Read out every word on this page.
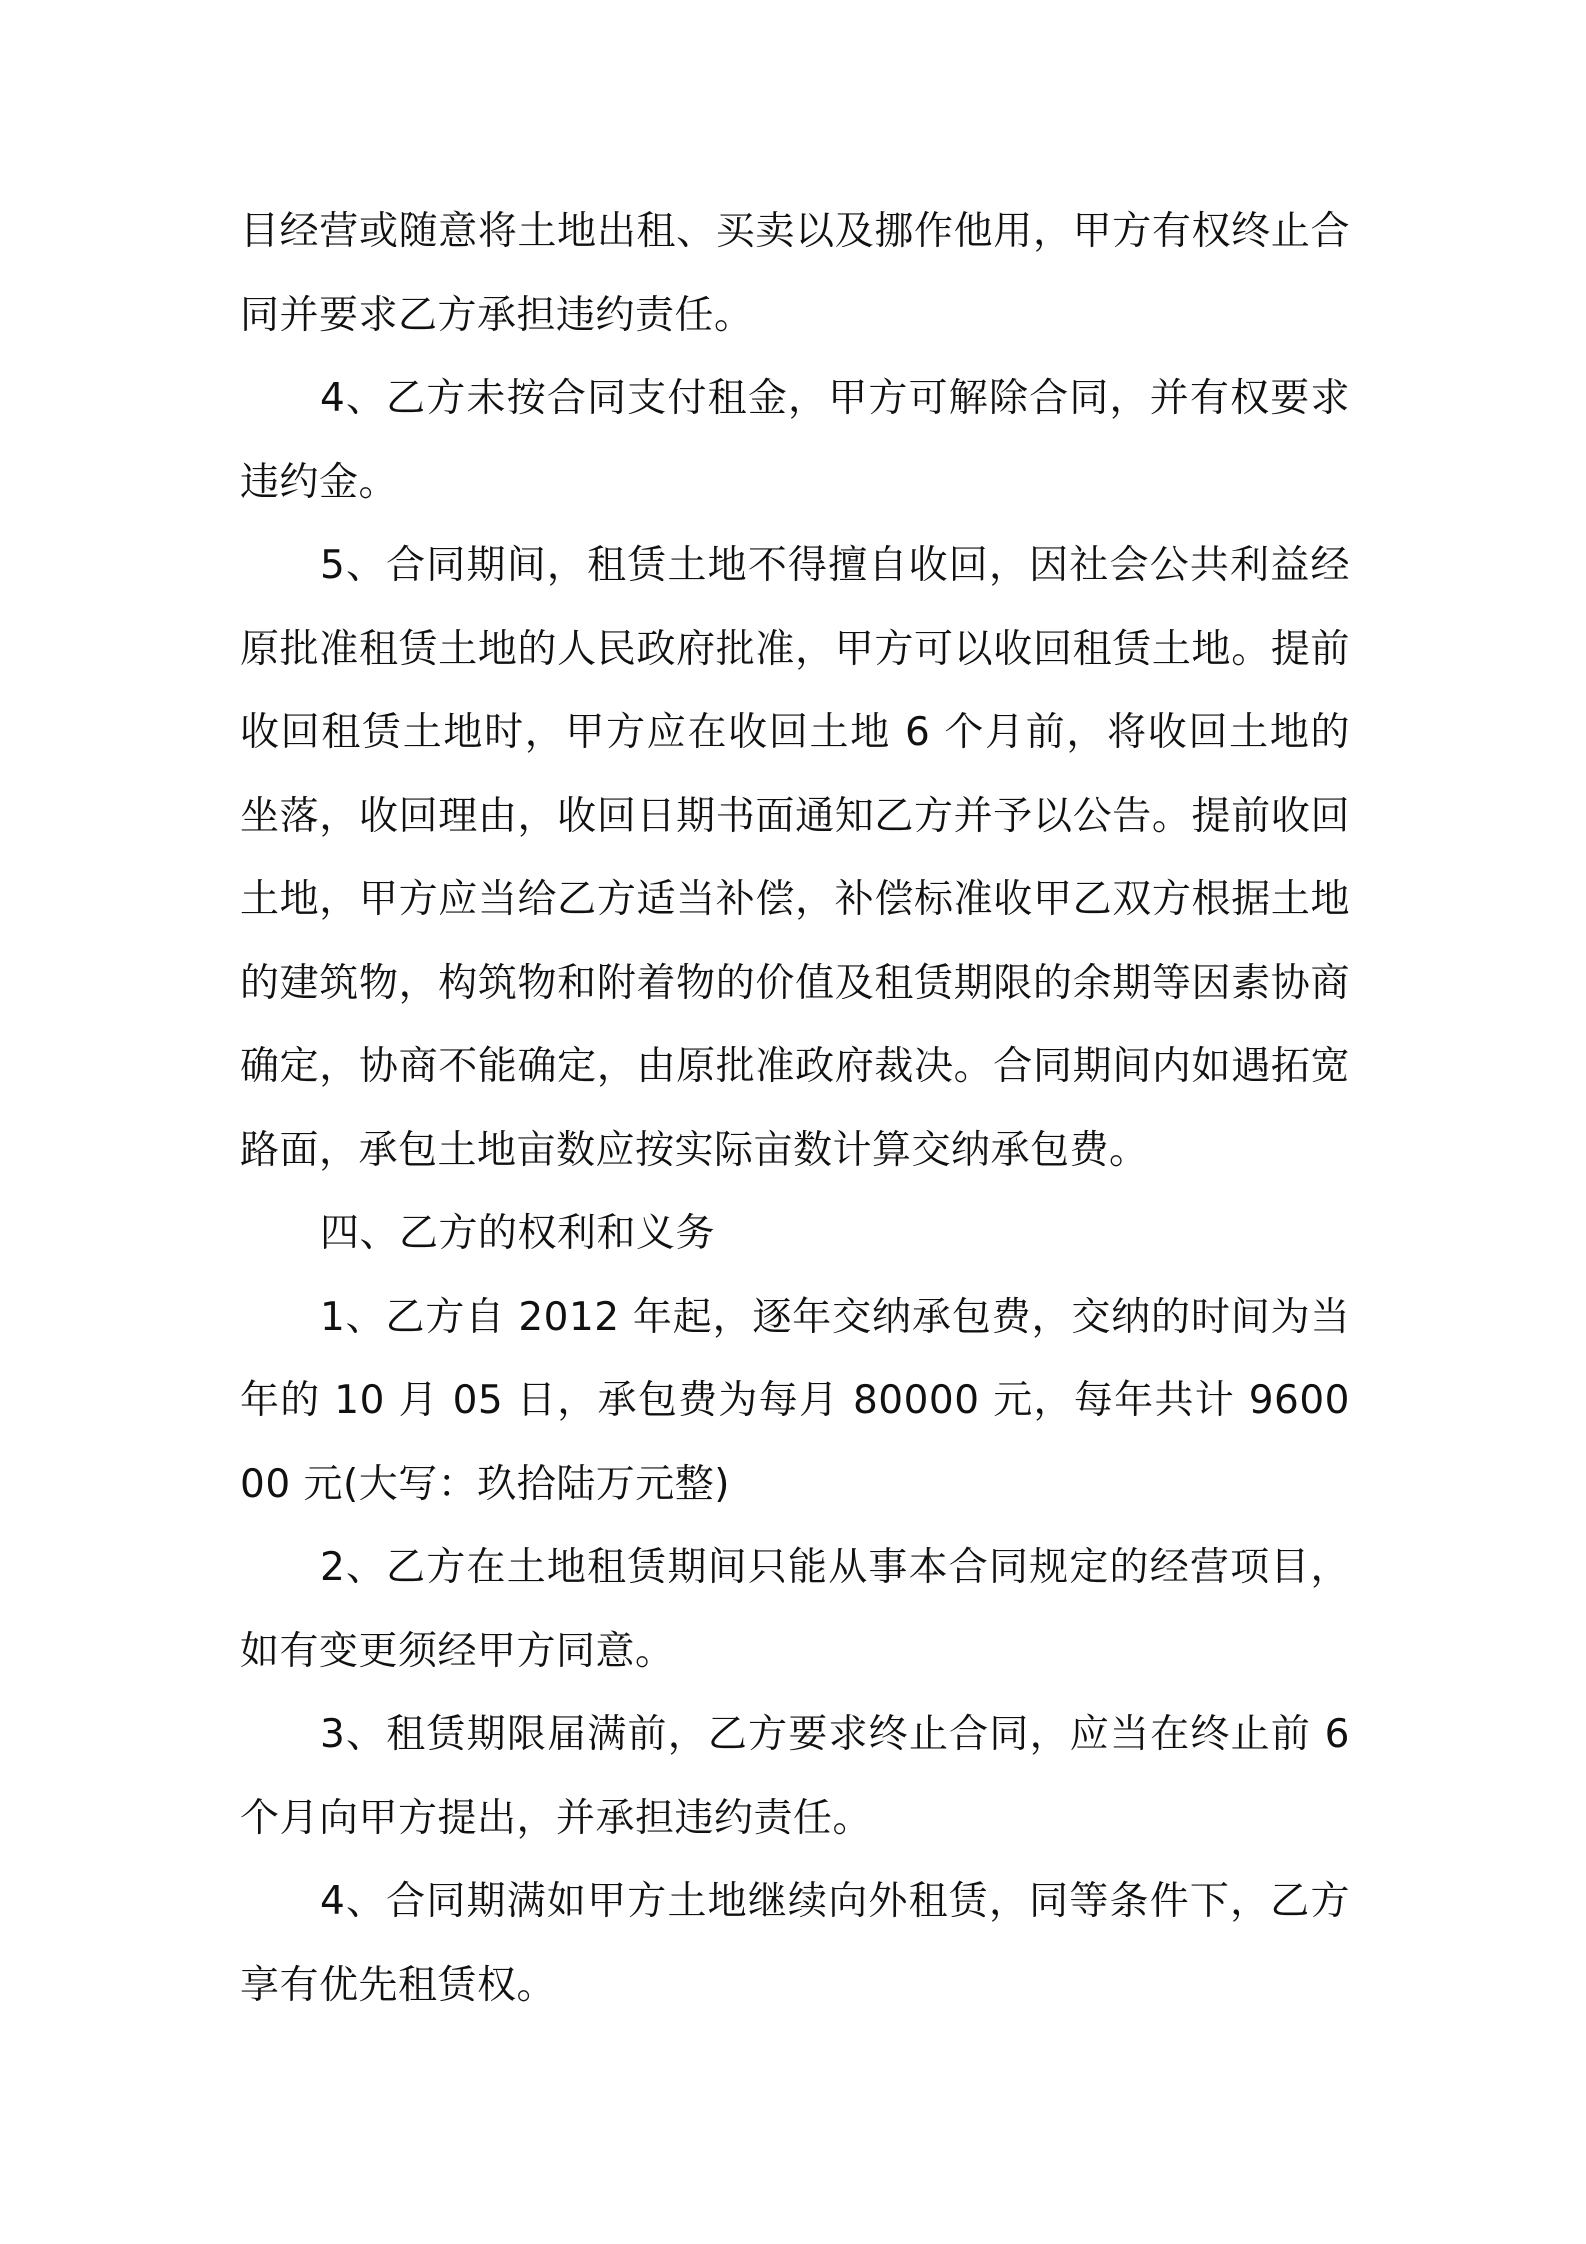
目经营或随意将土地出租、买卖以及挪作他用，甲方有权终止合同并要求乙方承担违约责任。

4、乙方未按合同支付租金，甲方可解除合同，并有权要求违约金。

5、合同期间，租赁土地不得擅自收回，因社会公共利益经原批准租赁土地的人民政府批准，甲方可以收回租赁土地。提前收回租赁土地时，甲方应在收回土地 6 个月前，将收回土地的坐落，收回理由，收回日期书面通知乙方并予以公告。提前收回土地，甲方应当给乙方适当补偿，补偿标准收甲乙双方根据土地的建筑物，构筑物和附着物的价值及租赁期限的余期等因素协商确定，协商不能确定，由原批准政府裁决。合同期间内如遇拓宽路面，承包土地亩数应按实际亩数计算交纳承包费。

四、乙方的权利和义务

1、乙方自 2012 年起，逐年交纳承包费，交纳的时间为当年的 10 月 05 日，承包费为每月 80000 元，每年共计 960000 元(大写：玖拾陆万元整)

2、乙方在土地租赁期间只能从事本合同规定的经营项目，如有变更须经甲方同意。

3、租赁期限届满前，乙方要求终止合同，应当在终止前 6 个月向甲方提出，并承担违约责任。

4、合同期满如甲方土地继续向外租赁，同等条件下，乙方享有优先租赁权。
